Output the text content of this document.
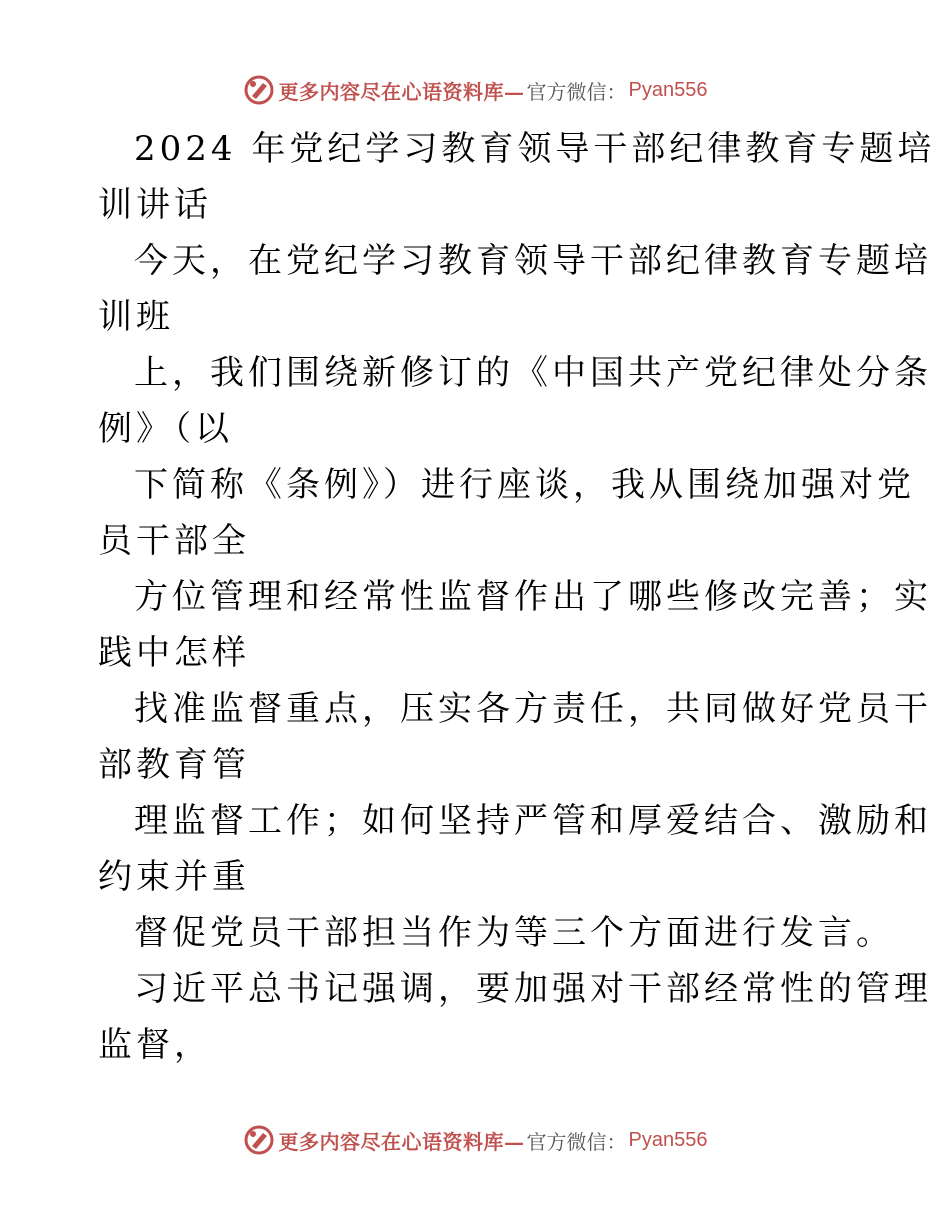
更多内容尽在心语资料库— 官方微信： Pyan556

2024 年党纪学习教育领导干部纪律教育专题培
训讲话

今天，在党纪学习教育领导干部纪律教育专题培
训班

上，我们围绕新修订的《中国共产党纪律处分条
例》（以

下简称《条例》）进行座谈，我从围绕加强对党
员干部全

方位管理和经常性监督作出了哪些修改完善；实
践中怎样

找准监督重点，压实各方责任，共同做好党员干
部教育管

理监督工作；如何坚持严管和厚爱结合、激励和
约束并重

督促党员干部担当作为等三个方面进行发言。

习近平总书记强调，要加强对干部经常性的管理
监督，

更多内容尽在心语资料库— 官方微信： Pyan556
